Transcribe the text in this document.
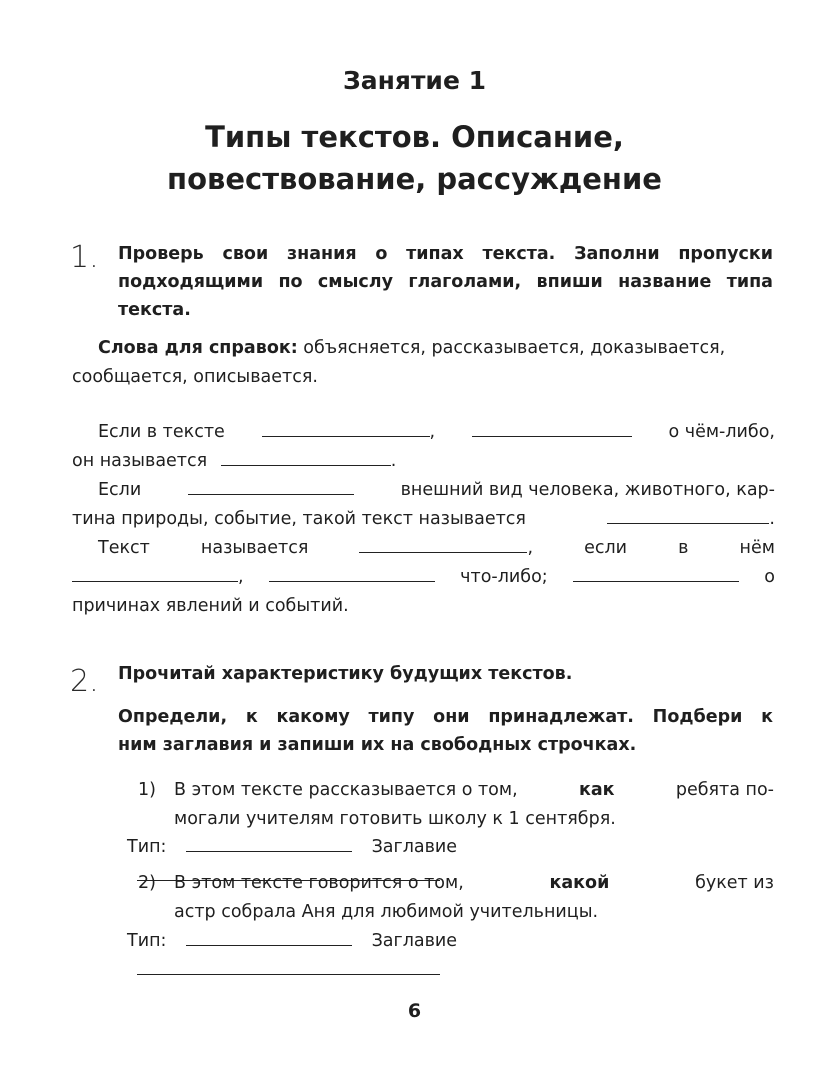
Занятие 1
Типы текстов. Описание,
повествование, рассуждение
1. Проверь свои знания о типах текста. Заполни пропуски
подходящими по смыслу глаголами, впиши название типа
текста.
Слова для справок: объясняется, рассказывается, доказывается,
сообщается, описывается.
Если в тексте	,	о чём-либо,
он называется	.
Если	внешний вид человека, животного, кар-
тина природы, событие, такой текст называется	.
Текст	называется	,	если	в	нём
,	что-либо;	о
причинах явлений и событий.
2. Прочитай характеристику будущих текстов.
Определи, к какому типу они принадлежат. Подбери к
ним заглавия и запиши их на свободных строчках.
1) В этом тексте рассказывается о том,	как	ребята по-
могали учителям готовить школу к 1 сентября.
Тип:	Заглавие
2) В этом тексте говорится о том,	какой	букет из
астр собрала Аня для любимой учительницы.
Тип:	Заглавие
6
